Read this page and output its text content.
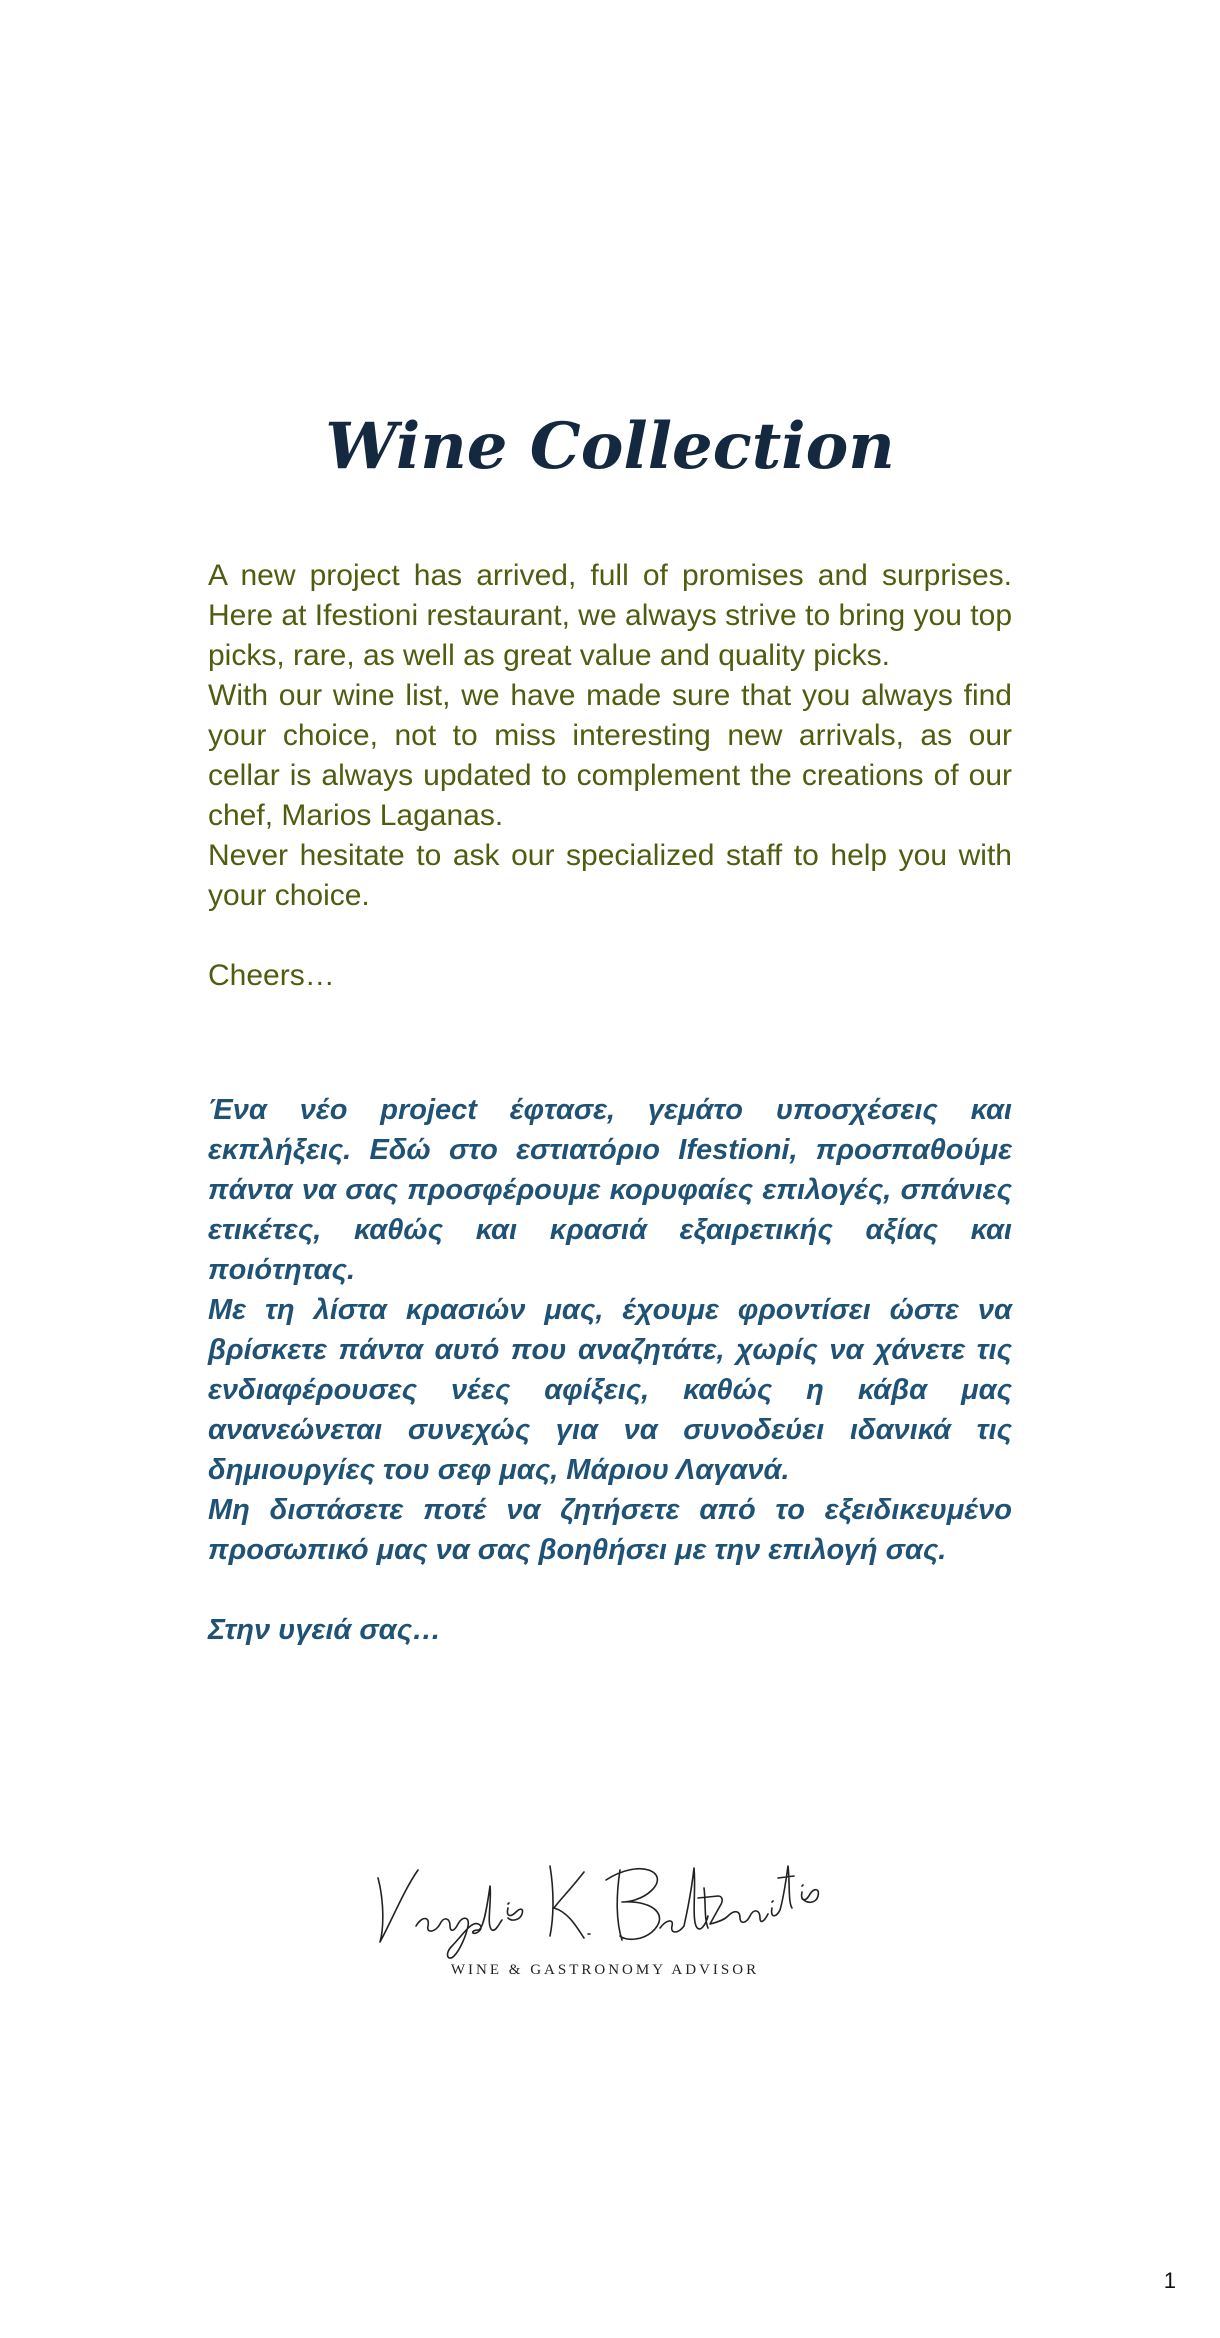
Wine Collection

A new project has arrived, full of promises and surprises. Here at Ifestioni restaurant, we always strive to bring you top picks, rare, as well as great value and quality picks.

With our wine list, we have made sure that you always find your choice, not to miss interesting new arrivals, as our cellar is always updated to complement the creations of our chef, Marios Laganas.

Never hesitate to ask our specialized staff to help you with your choice.

Cheers…

Ένα νέο project έφτασε, γεμάτο υποσχέσεις και εκπλήξεις. Εδώ στο εστιατόριο Ifestioni, προσπαθούμε πάντα να σας προσφέρουμε κορυφαίες επιλογές, σπάνιες ετικέτες, καθώς και κρασιά εξαιρετικής αξίας και ποιότητας.

Με τη λίστα κρασιών μας, έχουμε φροντίσει ώστε να βρίσκετε πάντα αυτό που αναζητάτε, χωρίς να χάνετε τις ενδιαφέρουσες νέες αφίξεις, καθώς η κάβα μας ανανεώνεται συνεχώς για να συνοδεύει ιδανικά τις δημιουργίες του σεφ μας, Μάριου Λαγανά.

Μη διστάσετε ποτέ να ζητήσετε από το εξειδικευμένο προσωπικό μας να σας βοηθήσει με την επιλογή σας.

Στην υγειά σας…

WINE & GASTRONOMY ADVISOR
1
